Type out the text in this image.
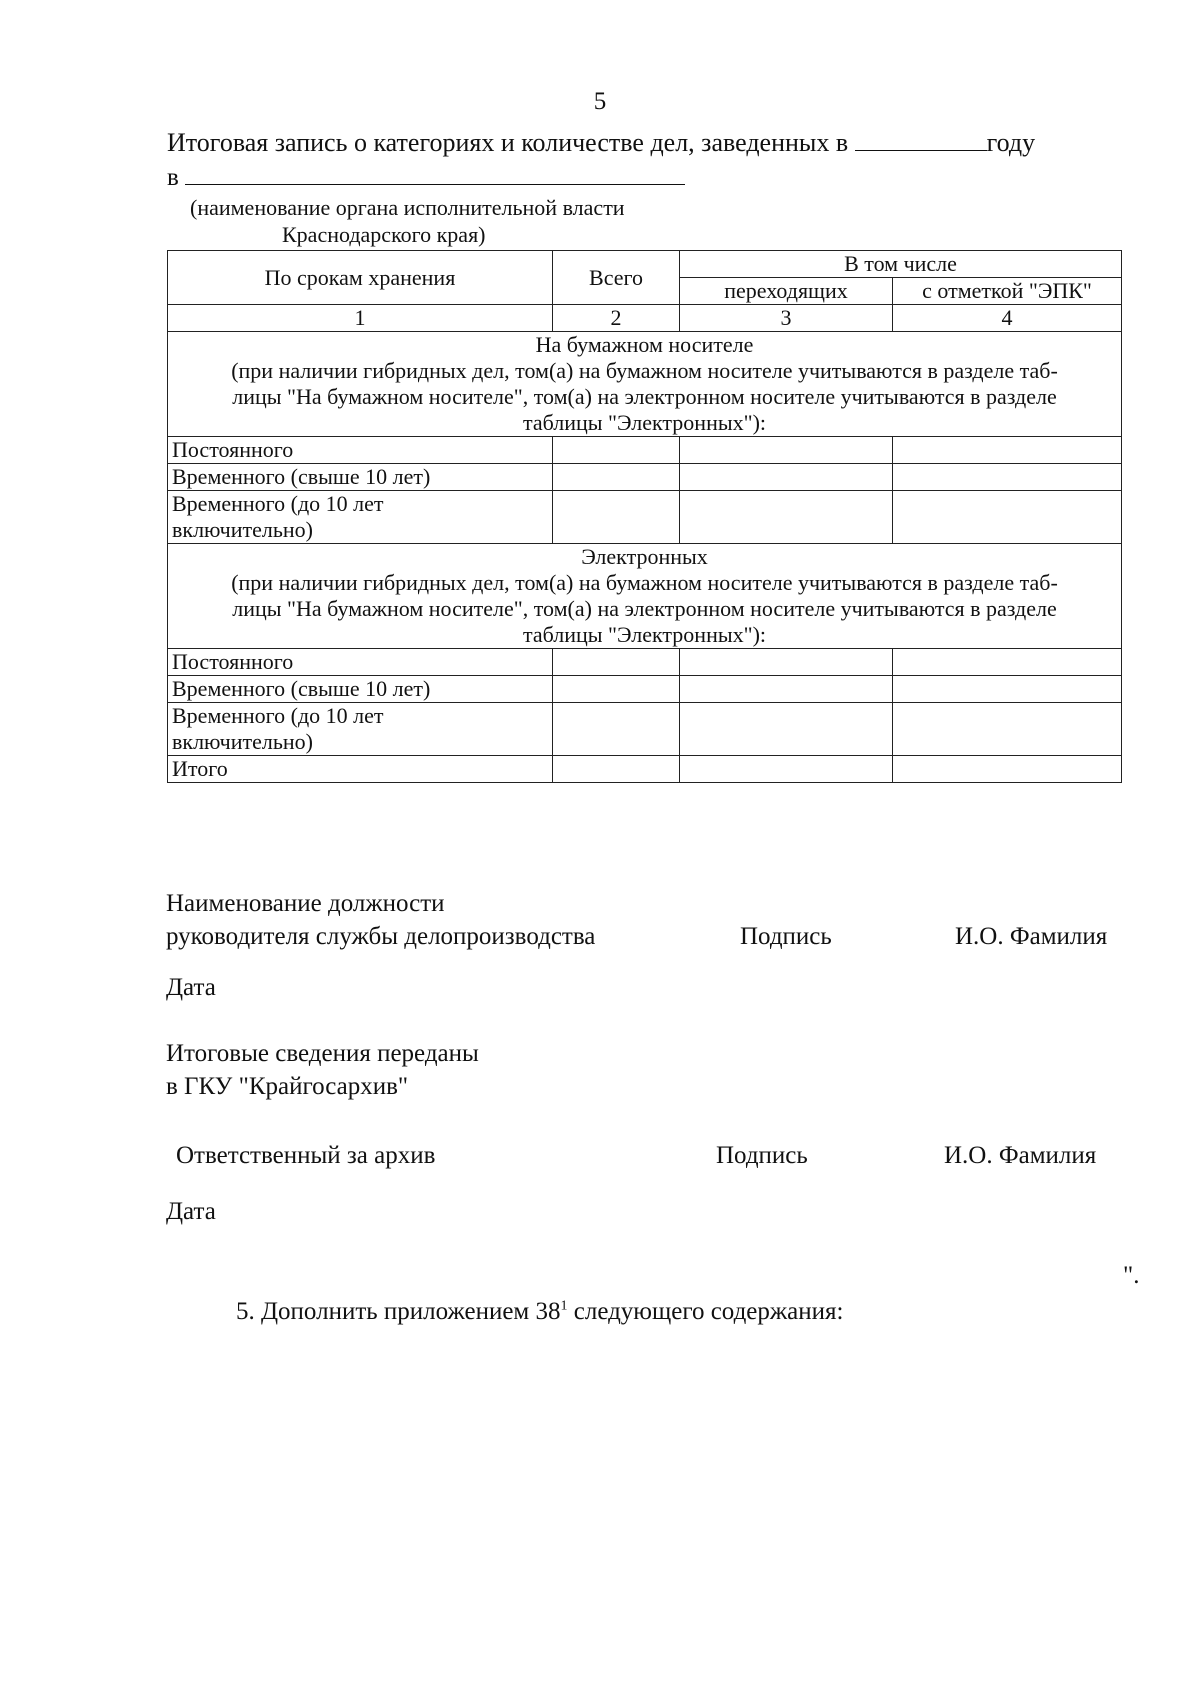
5
Итоговая запись о категориях и количестве дел, заведенных в	году
в
(наименование органа исполнительной власти
Краснодарского края)
По срокам хранения	Всего	В том числе	
		переходящих	с отметкой "ЭПК"
1	2	3	4

На бумажном носителе
(при наличии гибридных дел, том(а) на бумажном носителе учитываются в разделе таб-
лицы "На бумажном носителе", том(а) на электронном носителе учитываются в разделе
таблицы "Электронных"):			

Постоянного			
Временного (свыше 10 лет)			

Временного (до 10 лет
включительно)			

Электронных
(при наличии гибридных дел, том(а) на бумажном носителе учитываются в разделе таб-
лицы "На бумажном носителе", том(а) на электронном носителе учитываются в разделе
таблицы "Электронных"):			

Постоянного			
Временного (свыше 10 лет)			

Временного (до 10 лет
включительно)			

Итого			
Наименование должности
руководителя службы делопроизводства	Подпись	И.О. Фамилия
Дата
Итоговые сведения переданы
в ГКУ "Крайгосархив"
Ответственный за архив	Подпись	И.О. Фамилия
Дата
".
5. Дополнить приложением 38$^1$ следующего содержания:
